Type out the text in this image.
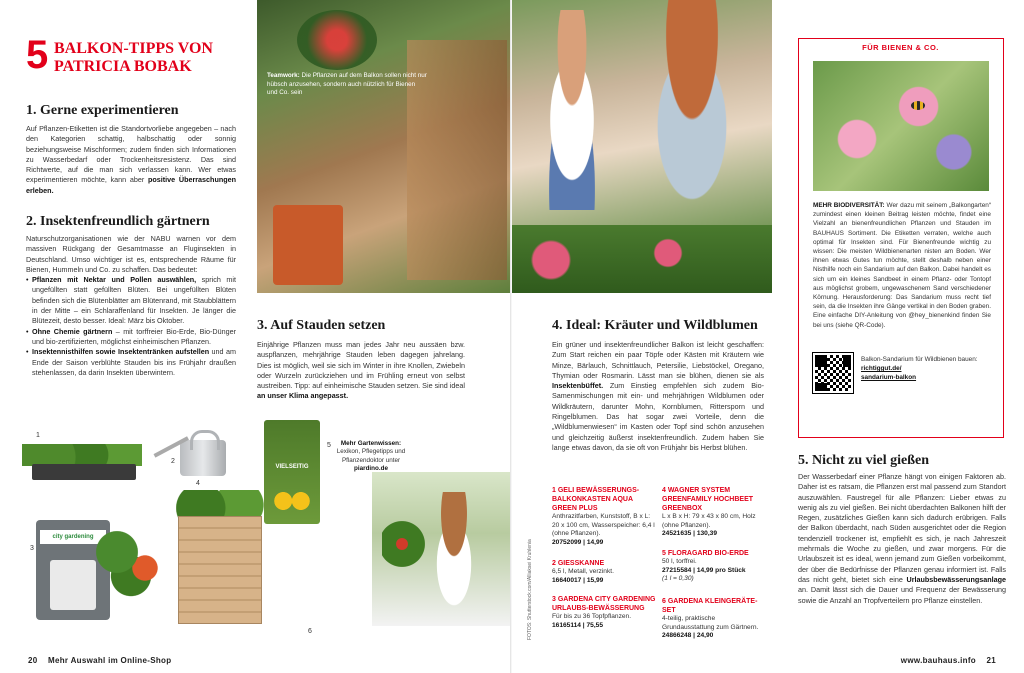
5 BALKON-TIPPS VON
PATRICIA BOBAK
1. Gerne experimentieren
Auf Pflanzen-Etiketten ist die Standortvorliebe angegeben – nach den Kategorien schattig, halbschattig oder sonnig beziehungsweise Mischformen; zudem finden sich Informationen zu Wasserbedarf oder Trockenheitsresistenz. Das sind Richtwerte, auf die man sich verlassen kann. Wer etwas experimentieren möchte, kann aber positive Überraschungen erleben.
2. Insektenfreundlich gärtnern
Naturschutzorganisationen wie der NABU warnen vor dem massiven Rückgang der Gesamtmasse an Fluginsekten in Deutschland. Umso wichtiger ist es, entsprechende Räume für Bienen, Hummeln und Co. zu schaffen. Das bedeutet:
• Pflanzen mit Nektar und Pollen auswählen, sprich mit ungefüllten statt gefüllten Blüten. Bei ungefüllten Blüten befinden sich die Blütenblätter am Blütenrand, mit Staubblättern in der Mitte – ein Schlaraffenland für Insekten. Je länger die Blütezeit, desto besser. Ideal: März bis Oktober.
• Ohne Chemie gärtnern – mit torffreier Bio-Erde, Bio-Dünger und bio-zertifizierten, möglichst einheimischen Pflanzen.
• Insektennisthilfen sowie Insektentränken aufstellen und am Ende der Saison verblühte Stauden bis ins Frühjahr draußen stehenlassen, da darin Insekten überwintern.
Teamwork: Die Pflanzen auf dem Balkon sollen nicht nur hübsch anzusehen, sondern auch nützlich für Bienen und Co. sein
3. Auf Stauden setzen
Einjährige Pflanzen muss man jedes Jahr neu aussäen bzw. auspflanzen, mehrjährige Stauden leben dagegen jahrelang. Dies ist möglich, weil sie sich im Winter in ihre Knollen, Zwiebeln oder Wurzeln zurückziehen und im Frühling erneut von selbst austreiben. Tipp: auf einheimische Stauden setzen. Sie sind ideal an unser Klima angepasst.
1
2
VIELSEITIG
5	Mehr Gartenwissen:
Lexikon, Pflegetipps und Pflanzendoktor unter piardino.de
city gardening
3
4
6
20 Mehr Auswahl im Online-Shop
4. Ideal: Kräuter und Wildblumen
Ein grüner und insektenfreundlicher Balkon ist leicht geschaffen: Zum Start reichen ein paar Töpfe oder Kästen mit Kräutern wie Minze, Bärlauch, Schnittlauch, Petersilie, Liebstöckel, Oregano, Thymian oder Rosmarin. Lässt man sie blühen, dienen sie als Insektenbüffet. Zum Einstieg empfehlen sich zudem Bio-Samenmischungen mit ein- und mehrjährigen Wildblumen oder Wildkräutern, darunter Mohn, Kornblumen, Rittersporn und Ringelblumen. Das hat sogar zwei Vorteile, denn die „Wildblumenwiesen“ im Kasten oder Topf sind schön anzusehen und gleichzeitig äußerst insektenfreundlich. Zudem haben Sie lange etwas davon, da sie oft von Frühjahr bis Herbst blühen.
FOTOS: Shutterstock.com/Alliaksei Kruhlenia
1 GELI BEWÄSSERUNGS-BALKONKASTEN AQUA GREEN PLUS
Anthrazitfarben, Kunststoff, B x L: 20 x 100 cm, Wasserspeicher: 6,4 l (ohne Pflanzen).
20752099 | 14,99
2 GIESSKANNE
6,5 l, Metall, verzinkt.
16640017 | 15,99
3 GARDENA CITY GARDENING URLAUBS-BEWÄSSERUNG
Für bis zu 36 Topfpflanzen.
16165114 | 75,55
4 WAGNER SYSTEM GREENFAMILY HOCHBEET GREENBOX
L x B x H: 79 x 43 x 80 cm, Holz (ohne Pflanzen).
24521635 | 130,39
5 FLORAGARD BIO-ERDE
50 l, torffrei.
27215584 | 14,99 pro Stück
(1 l = 0,30)
6 GARDENA KLEINGERÄTE-SET
4-teilig, praktische Grundausstattung zum Gärtnern.
24866248 | 24,90
FÜR BIENEN & CO.
MEHR BIODIVERSITÄT: Wer dazu mit seinem „Balkongarten“ zumindest einen kleinen Beitrag leisten möchte, findet eine Vielzahl an bienenfreundlichen Pflanzen und Stauden im BAUHAUS Sortiment. Die Etiketten verraten, welche auch optimal für Insekten sind. Für Bienenfreunde wichtig zu wissen: Die meisten Wildbienenarten nisten am Boden. Wer ihnen etwas Gutes tun möchte, stellt deshalb neben einer Nisthilfe noch ein Sandarium auf den Balkon. Dabei handelt es sich um ein kleines Sandbeet in einem Pflanz- oder Tontopf aus möglichst grobem, ungewaschenem Sand verschiedener Körnung. Herausforderung: Das Sandarium muss recht tief sein, da die Insekten ihre Gänge vertikal in den Boden graben. Eine einfache DIY-Anleitung von @hey_bienenkind finden Sie bei uns (siehe QR-Code).
Balkon-Sandarium für Wildbienen bauen:
richtiggut.de/
sandarium-balkon
5. Nicht zu viel gießen
Der Wasserbedarf einer Pflanze hängt von einigen Faktoren ab. Daher ist es ratsam, die Pflanzen erst mal passend zum Standort auszuwählen. Faustregel für alle Pflanzen: Lieber etwas zu wenig als zu viel gießen. Bei nicht überdachten Balkonen hilft der Regen, zusätzliches Gießen kann sich dadurch erübrigen. Falls der Balkon überdacht, nach Süden ausgerichtet oder die Region tendenziell trockener ist, empfiehlt es sich, je nach Jahreszeit mehrmals die Woche zu gießen, und zwar morgens. Für die Urlaubszeit ist es ideal, wenn jemand zum Gießen vorbeikommt, der über die Bedürfnisse der Pflanzen genau informiert ist. Falls das nicht geht, bietet sich eine Urlaubsbewässerungsanlage an. Damit lässt sich die Dauer und Frequenz der Bewässerung sowie die Anzahl an Tropfverteilern pro Pflanze einstellen.
www.bauhaus.info 21
